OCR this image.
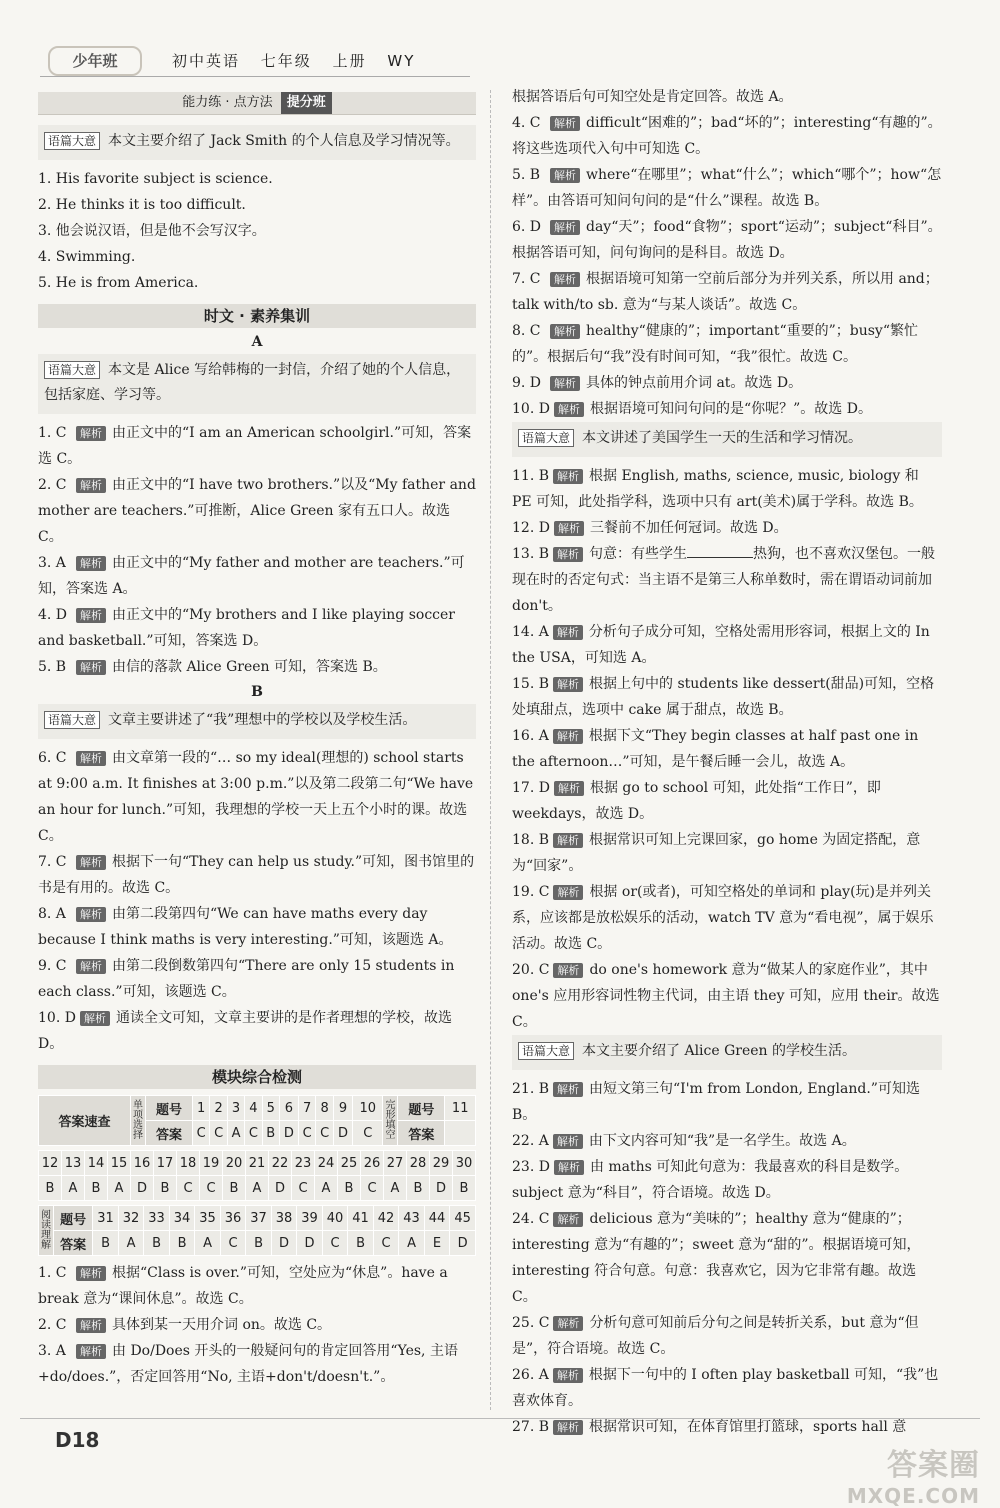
少年班	初中英语 七年级 上册 WY
能力练 · 点方法 提分班
语篇大意 本文主要介绍了 Jack Smith 的个人信息及学习情况等。
1. His favorite subject is science.
2. He thinks it is too difficult.
3. 他会说汉语，但是他不会写汉字。
4. Swimming.
5. He is from America.
时文 · 素养集训
A
语篇大意 本文是 Alice 写给韩梅的一封信，介绍了她的个人信息，包括家庭、学习等。
1. C 解析 由正文中的“I am an American schoolgirl.”可知，答案选 C。
2. C 解析 由正文中的“I have two brothers.”以及“My father and mother are teachers.”可推断，Alice Green 家有五口人。故选 C。
3. A 解析 由正文中的“My father and mother are teachers.”可知，答案选 A。
4. D 解析 由正文中的“My brothers and I like playing soccer and basketball.”可知，答案选 D。
5. B 解析 由信的落款 Alice Green 可知，答案选 B。
B
语篇大意 文章主要讲述了“我”理想中的学校以及学校生活。
6. C 解析 由文章第一段的“… so my ideal(理想的) school starts at 9:00 a.m. It finishes at 3:00 p.m.”以及第二段第二句“We have an hour for lunch.”可知，我理想的学校一天上五个小时的课。故选 C。
7. C 解析 根据下一句“They can help us study.”可知，图书馆里的书是有用的。故选 C。
8. A 解析 由第二段第四句“We can have maths every day because I think maths is very interesting.”可知，该题选 A。
9. C 解析 由第二段倒数第四句“There are only 15 students in each class.”可知，该题选 C。
10. D 解析 通读全文可知，文章主要讲的是作者理想的学校，故选 D。
模块综合检测
答案速查	单项选择	题号	1	2	3	4	5	6	7	8	9	10	完形填空	题号	11
		答案	C	C	A	C	B	D	C	C	D	C		答案	
12	13	14	15	16	17	18	19	20	21	22	23	24	25	26	27	28	29	30
B	A	B	A	D	B	C	C	B	A	D	C	A	B	C	A	B	D	B
阅读理解	题号	31	32	33	34	35	36	37	38	39	40	41	42	43	44	45
	答案	B	A	B	B	A	C	B	D	D	C	B	C	A	E	D
1. C 解析 根据“Class is over.”可知，空处应为“休息”。have a break 意为“课间休息”。故选 C。
2. C 解析 具体到某一天用介词 on。故选 C。
3. A 解析 由 Do/Does 开头的一般疑问句的肯定回答用“Yes, 主语+do/does.”，否定回答用“No, 主语+don't/doesn't.”。
根据答语后句可知空处是肯定回答。故选 A。
4. C 解析 difficult“困难的”；bad“坏的”；interesting“有趣的”。将这些选项代入句中可知选 C。
5. B 解析 where“在哪里”；what“什么”；which“哪个”；how“怎样”。由答语可知问句问的是“什么”课程。故选 B。
6. D 解析 day“天”；food“食物”；sport“运动”；subject“科目”。根据答语可知，问句询问的是科目。故选 D。
7. C 解析 根据语境可知第一空前后部分为并列关系，所以用 and；talk with/to sb. 意为“与某人谈话”。故选 C。
8. C 解析 healthy“健康的”；important“重要的”；busy“繁忙的”。根据后句“我”没有时间可知，“我”很忙。故选 C。
9. D 解析 具体的钟点前用介词 at。故选 D。
10. D 解析 根据语境可知问句问的是“你呢？”。故选 D。
语篇大意 本文讲述了美国学生一天的生活和学习情况。
11. B 解析 根据 English, maths, science, music, biology 和 PE 可知，此处指学科，选项中只有 art(美术)属于学科。故选 B。
12. D 解析 三餐前不加任何冠词。故选 D。
13. B 解析 句意：有些学生	热狗，也不喜欢汉堡包。一般现在时的否定句式：当主语不是第三人称单数时，需在谓语动词前加 don't。
14. A 解析 分析句子成分可知，空格处需用形容词，根据上文的 In the USA，可知选 A。
15. B 解析 根据上句中的 students like dessert(甜品)可知，空格处填甜点，选项中 cake 属于甜点，故选 B。
16. A 解析 根据下文“They begin classes at half past one in the afternoon…”可知，是午餐后睡一会儿，故选 A。
17. D 解析 根据 go to school 可知，此处指“工作日”，即 weekdays，故选 D。
18. B 解析 根据常识可知上完课回家，go home 为固定搭配，意为“回家”。
19. C 解析 根据 or(或者)，可知空格处的单词和 play(玩)是并列关系，应该都是放松娱乐的活动，watch TV 意为“看电视”，属于娱乐活动。故选 C。
20. C 解析 do one's homework 意为“做某人的家庭作业”，其中 one's 应用形容词性物主代词，由主语 they 可知，应用 their。故选 C。
语篇大意 本文主要介绍了 Alice Green 的学校生活。
21. B 解析 由短文第三句“I'm from London, England.”可知选 B。
22. A 解析 由下文内容可知“我”是一名学生。故选 A。
23. D 解析 由 maths 可知此句意为：我最喜欢的科目是数学。subject 意为“科目”，符合语境。故选 D。
24. C 解析 delicious 意为“美味的”；healthy 意为“健康的”；interesting 意为“有趣的”；sweet 意为“甜的”。根据语境可知，interesting 符合句意。句意：我喜欢它，因为它非常有趣。故选 C。
25. C 解析 分析句意可知前后分句之间是转折关系，but 意为“但是”，符合语境。故选 C。
26. A 解析 根据下一句中的 I often play basketball 可知，“我”也喜欢体育。
27. B 解析 根据常识可知，在体育馆里打篮球，sports hall 意
D18
答案圈
MXQE.COM
